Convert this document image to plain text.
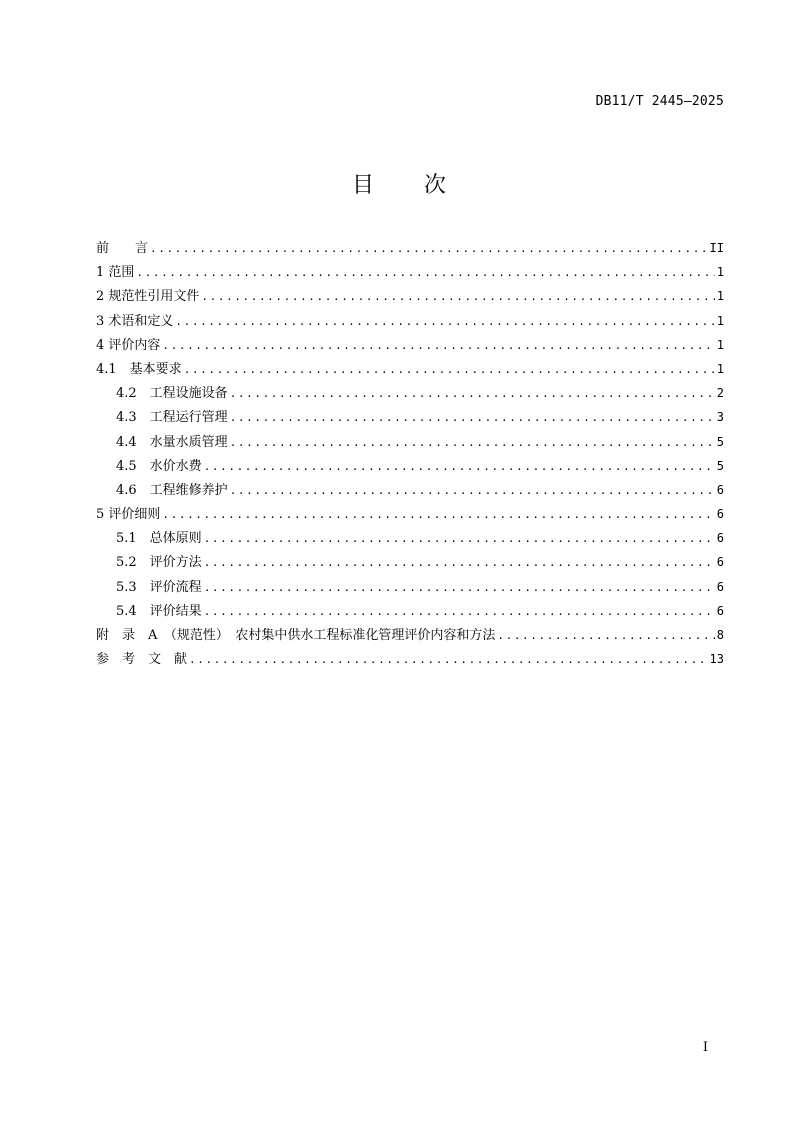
DB11/T 2445—2025
目　　次
前　　言 .....	II
1 范围 .....	1
2 规范性引用文件 .....	1
3 术语和定义 .....	1
4 评价内容 .....	1
4.1　基本要求 .....	1
4.2　工程设施设备 .....	2
4.3　工程运行管理 .....	3
4.4　水量水质管理 .....	5
4.5　水价水费 .....	5
4.6　工程维修养护 .....	6
5 评价细则 .....	6
5.1　总体原则 .....	6
5.2　评价方法 .....	6
5.3　评价流程 .....	6
5.4　评价结果 .....	6
附　录　A　（规范性）　农村集中供水工程标准化管理评价内容和方法 .....	8
参　考　文　献 .....	13
I
